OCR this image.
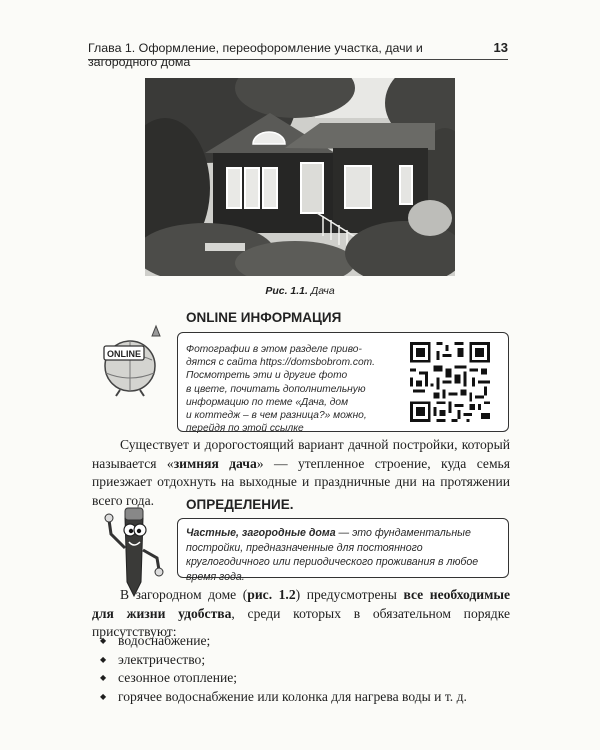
Глава 1. Оформление, переофоромление участка, дачи и загородного дома
13
Рис. 1.1. Дача
ONLINE
ONLINE ИНФОРМАЦИЯ
Фотографии в этом разделе приво-
дятся с сайта https://domsbobrom.com.
Посмотреть эти и другие фото
в цвете, почитать дополнительную
информацию по теме «Дача, дом
и коттедж – в чем разница?» можно,
перейдя по этой ссылке

Существует и дорогостоящий вариант дачной постройки, который называется «зимняя дача» — утепленное строение, куда семья приезжает отдохнуть на выходные и праздничные дни на протяжении всего года.	ОПРЕДЕЛЕНИЕ.
Частные, загородные дома — это фундаментальные постройки, предназначенные для постоянного круглогодичного или периодического проживания в любое время года.

В загородном доме (рис. 1.2) предусмотрены все необходимые для жизни удобства, среди которых в обязательном порядке присутствуют:

◆ водоснабжение;
◆ электричество;
◆ сезонное отопление;
◆ горячее водоснабжение или колонка для нагрева воды и т. д.
